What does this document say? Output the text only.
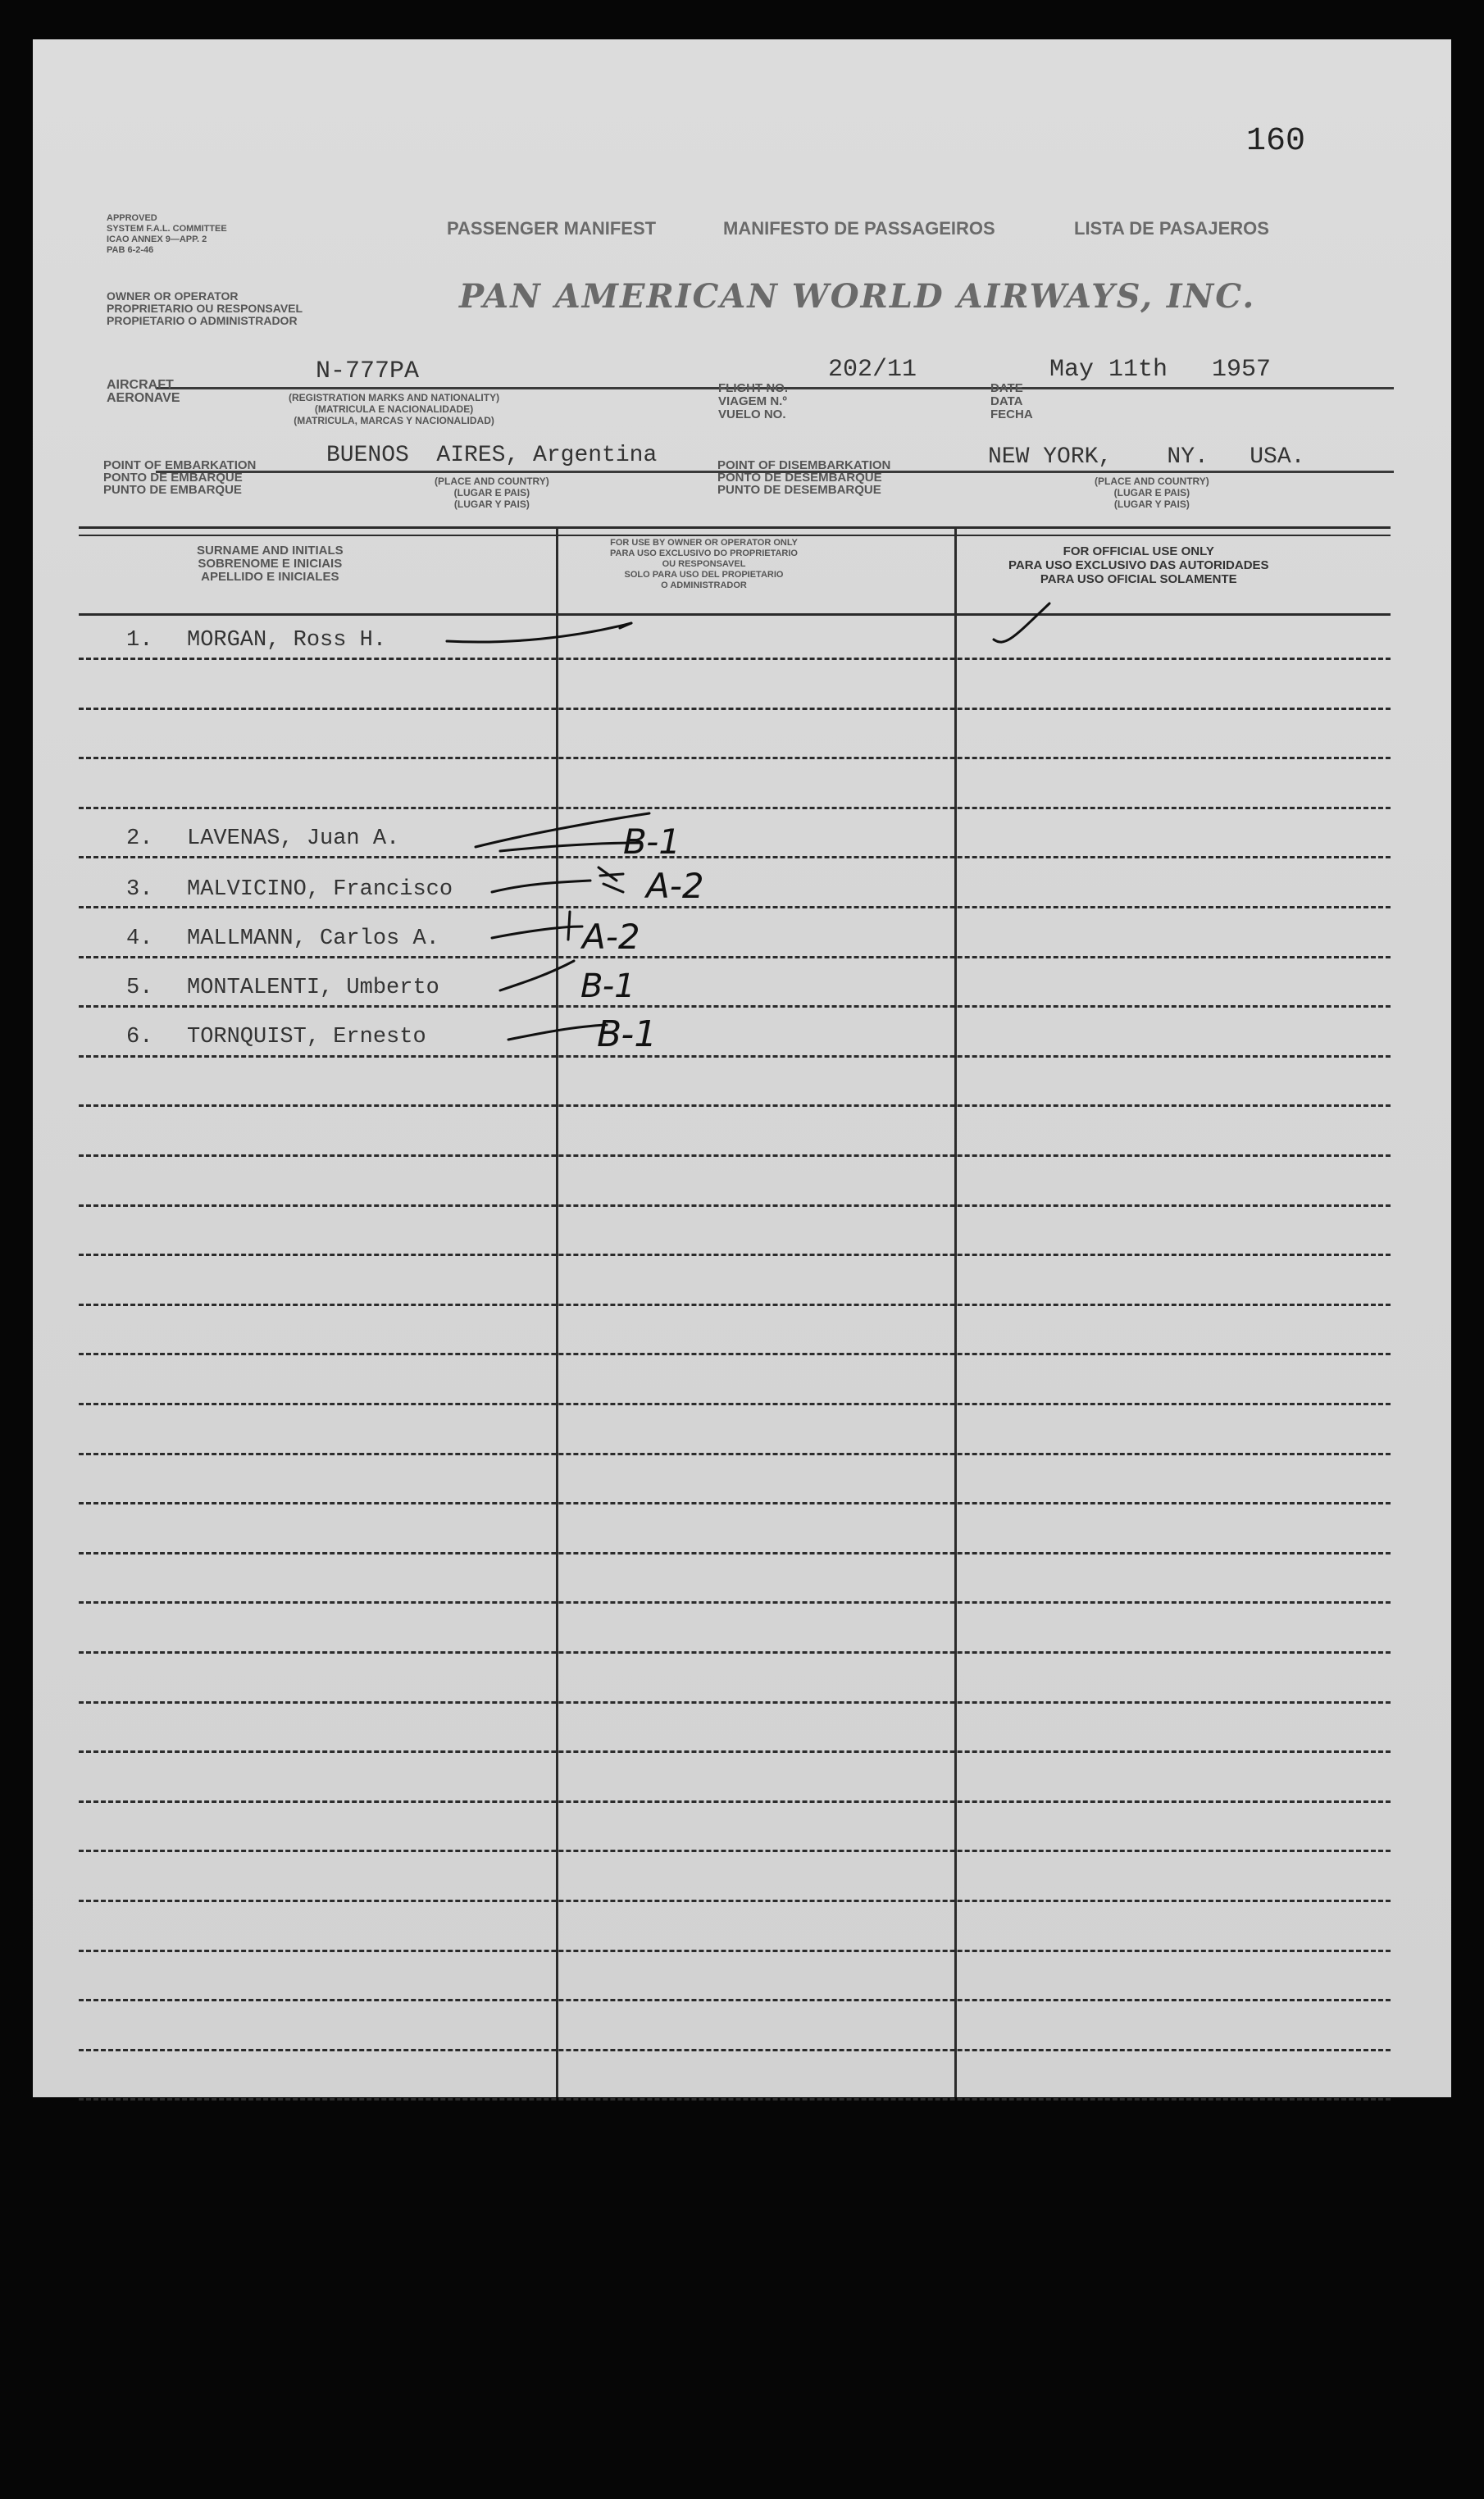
160
APPROVED
SYSTEM F.A.L. COMMITTEE
ICAO ANNEX 9—APP. 2
PAB 6-2-46
PASSENGER MANIFEST	MANIFESTO DE PASSAGEIROS	LISTA DE PASAJEROS
OWNER OR OPERATOR
PROPRIETARIO OU RESPONSAVEL
PROPIETARIO O ADMINISTRADOR
PAN AMERICAN WORLD AIRWAYS, INC.
N-777PA	202/11	May 11th   1957
AIRCRAFT
AERONAVE	(REGISTRATION MARKS AND NATIONALITY)
(MATRICULA E NACIONALIDADE)
(MATRICULA, MARCAS Y NACIONALIDAD)
FLIGHT NO.
VIAGEM N.º
VUELO NO.
DATE
DATA
FECHA
BUENOS  AIRES, Argentina	NEW YORK,    NY.   USA.
POINT OF EMBARKATION
PONTO DE EMBARQUE
PUNTO DE EMBARQUE
(PLACE AND COUNTRY)
(LUGAR E PAIS)
(LUGAR Y PAIS)
POINT OF DISEMBARKATION
PONTO DE DESEMBARQUE
PUNTO DE DESEMBARQUE
(PLACE AND COUNTRY)
(LUGAR E PAIS)
(LUGAR Y PAIS)
SURNAME AND INITIALS
SOBRENOME E INICIAIS
APELLIDO E INICIALES
FOR USE BY OWNER OR OPERATOR ONLY
PARA USO EXCLUSIVO DO PROPRIETARIO
OU RESPONSAVEL
SOLO PARA USO DEL PROPIETARIO
O ADMINISTRADOR
FOR OFFICIAL USE ONLY
PARA USO EXCLUSIVO DAS AUTORIDADES
PARA USO OFICIAL SOLAMENTE
1. MORGAN, Ross H.
2. LAVENAS, Juan A.	B-1
3. MALVICINO, Francisco	A-2
4. MALLMANN, Carlos A.	A-2
5. MONTALENTI, Umberto	B-1
6. TORNQUIST, Ernesto	B-1
